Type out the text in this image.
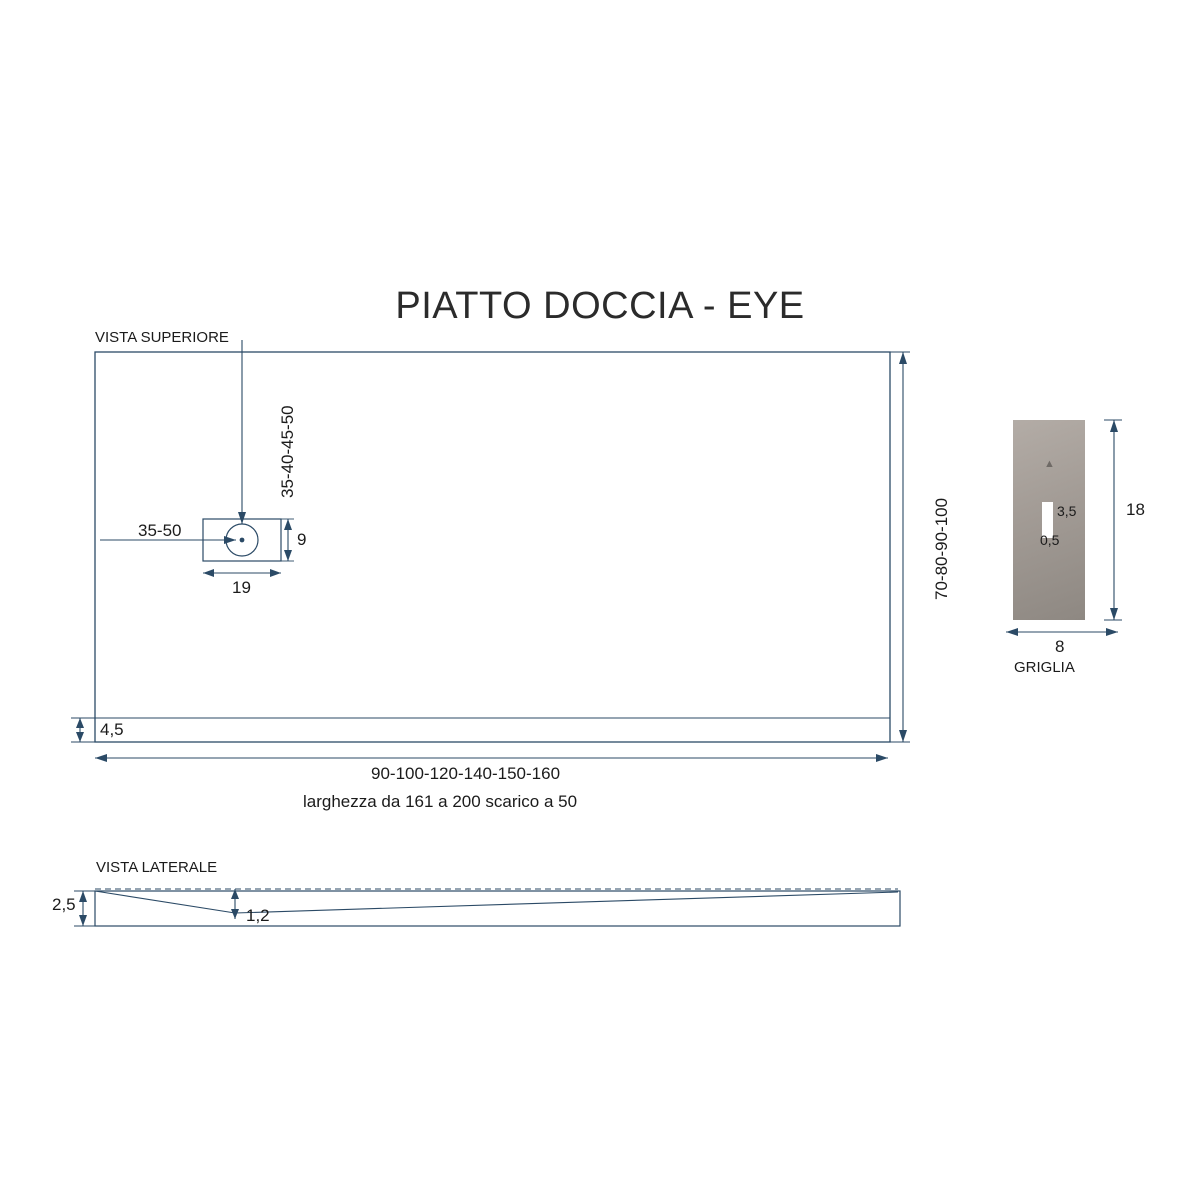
PIATTO DOCCIA - EYE
▲
VISTA SUPERIORE
VISTA LATERALE
35-40-45-50
35-50	9
19	70-80-90-100
4,5
90-100-120-140-150-160
larghezza da 161 a 200 scarico a 50
2,5
1,2
18
8
3,5
0,5
GRIGLIA
